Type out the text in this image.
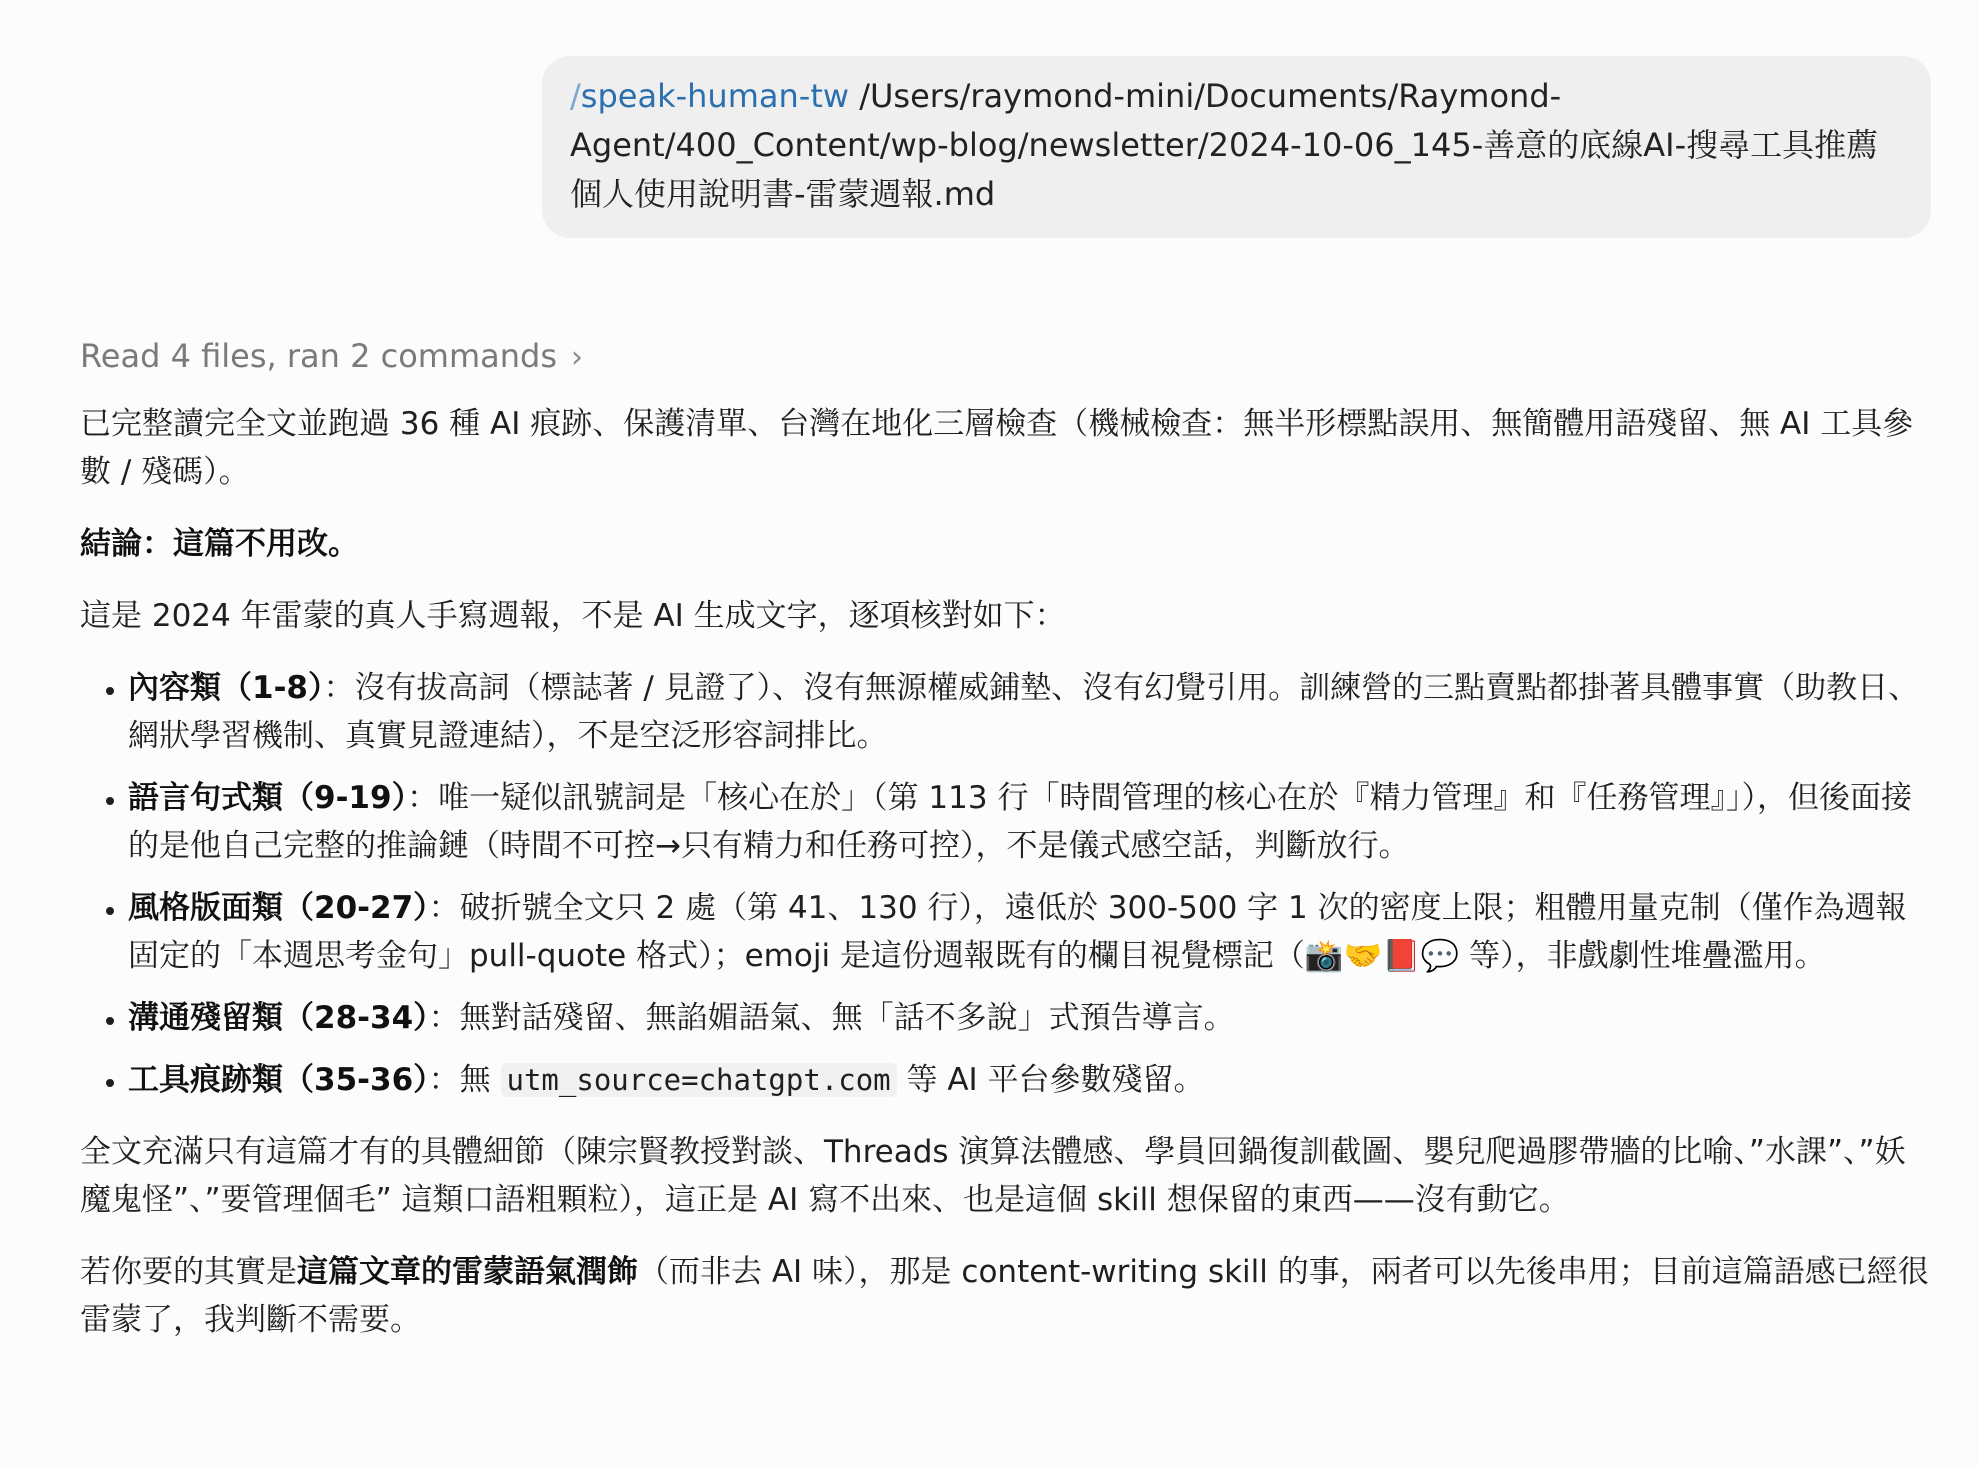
/speak-human-tw /Users/raymond-mini/Documents/Raymond-Agent/400_Content/wp-blog/newsletter/2024-10-06_145-善意的底線AI-搜尋工具推薦個人使用說明書-雷蒙週報.md
Read 4 files, ran 2 commands ›

已完整讀完全文並跑過 36 種 AI 痕跡、保護清單、台灣在地化三層檢查（機械檢查：無半形標點誤用、無簡體用語殘留、無 AI 工具參數 / 殘碼）。

結論：這篇不用改。

這是 2024 年雷蒙的真人手寫週報，不是 AI 生成文字，逐項核對如下：

• 內容類（1-8）：沒有拔高詞（標誌著 / 見證了）、沒有無源權威鋪墊、沒有幻覺引用。訓練營的三點賣點都掛著具體事實（助教日、網狀學習機制、真實見證連結），不是空泛形容詞排比。
• 語言句式類（9-19）：唯一疑似訊號詞是「核心在於」（第 113 行「時間管理的核心在於『精力管理』和『任務管理』」），但後面接的是他自己完整的推論鏈（時間不可控→只有精力和任務可控），不是儀式感空話，判斷放行。
• 風格版面類（20-27）：破折號全文只 2 處（第 41、130 行），遠低於 300-500 字 1 次的密度上限；粗體用量克制（僅作為週報固定的「本週思考金句」pull-quote 格式）；emoji 是這份週報既有的欄目視覺標記（📸🤝📕💬 等），非戲劇性堆疊濫用。
• 溝通殘留類（28-34）：無對話殘留、無諂媚語氣、無「話不多說」式預告導言。
• 工具痕跡類（35-36）：無 utm_source=chatgpt.com 等 AI 平台參數殘留。

全文充滿只有這篇才有的具體細節（陳宗賢教授對談、Threads 演算法體感、學員回鍋復訓截圖、嬰兒爬過膠帶牆的比喻、”水課”、”妖魔鬼怪”、”要管理個毛” 這類口語粗顆粒），這正是 AI 寫不出來、也是這個 skill 想保留的東西——沒有動它。

若你要的其實是這篇文章的雷蒙語氣潤飾（而非去 AI 味），那是 content-writing skill 的事，兩者可以先後串用；目前這篇語感已經很雷蒙了，我判斷不需要。
